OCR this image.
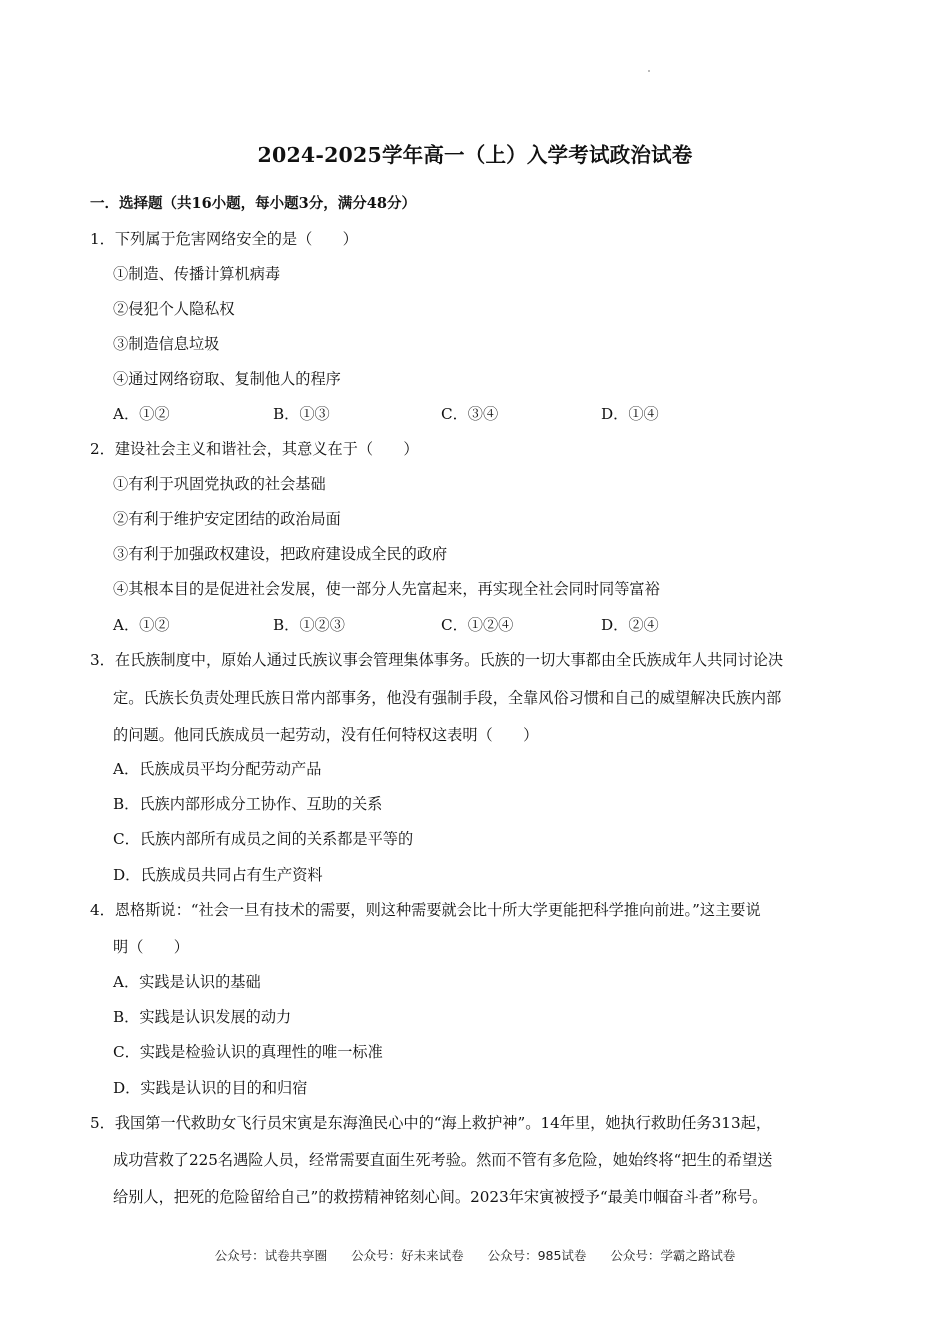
2024-2025学年高一（上）入学考试政治试卷
一．选择题（共16小题，每小题3分，满分48分）
1．下列属于危害网络安全的是（　　）
①制造、传播计算机病毒
②侵犯个人隐私权
③制造信息垃圾
④通过网络窃取、复制他人的程序
A．①②	B．①③	C．③④	D．①④
2．建设社会主义和谐社会，其意义在于（　　）
①有利于巩固党执政的社会基础
②有利于维护安定团结的政治局面
③有利于加强政权建设，把政府建设成全民的政府
④其根本目的是促进社会发展，使一部分人先富起来，再实现全社会同时同等富裕
A．①②	B．①②③	C．①②④	D．②④
3．在氏族制度中，原始人通过氏族议事会管理集体事务。氏族的一切大事都由全氏族成年人共同讨论决
定。氏族长负责处理氏族日常内部事务，他没有强制手段，全靠风俗习惯和自己的威望解决氏族内部
的问题。他同氏族成员一起劳动，没有任何特权这表明（　　）
A．氏族成员平均分配劳动产品
B．氏族内部形成分工协作、互助的关系
C．氏族内部所有成员之间的关系都是平等的
D．氏族成员共同占有生产资料
4．恩格斯说：“社会一旦有技术的需要，则这种需要就会比十所大学更能把科学推向前进。”这主要说
明（　　）
A．实践是认识的基础
B．实践是认识发展的动力
C．实践是检验认识的真理性的唯一标准
D．实践是认识的目的和归宿
5．我国第一代救助女飞行员宋寅是东海渔民心中的“海上救护神”。14年里，她执行救助任务313起，
成功营救了225名遇险人员，经常需要直面生死考验。然而不管有多危险，她始终将“把生的希望送
给别人，把死的危险留给自己”的救捞精神铭刻心间。2023年宋寅被授予“最美巾帼奋斗者”称号。
公众号：试卷共享圈 公众号：好未来试卷 公众号：985试卷 公众号：学霸之路试卷
